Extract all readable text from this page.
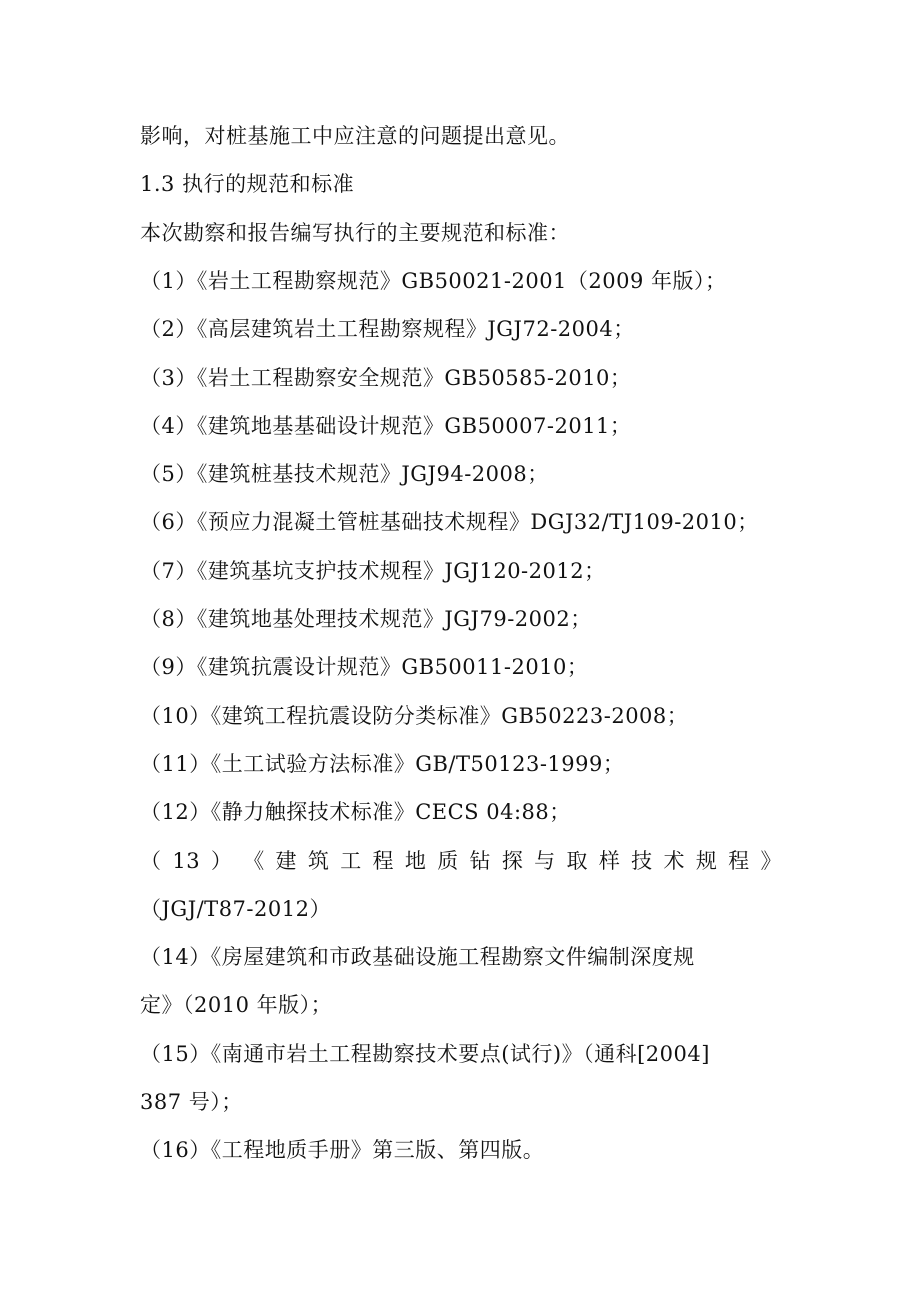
影响，对桩基施工中应注意的问题提出意见。
1.3 执行的规范和标准
本次勘察和报告编写执行的主要规范和标准：
（1）《岩土工程勘察规范》GB50021-2001（2009 年版）；
（2）《高层建筑岩土工程勘察规程》JGJ72-2004；
（3）《岩土工程勘察安全规范》GB50585-2010；
（4）《建筑地基基础设计规范》GB50007-2011；
（5）《建筑桩基技术规范》JGJ94-2008；
（6）《预应力混凝土管桩基础技术规程》DGJ32/TJ109-2010；
（7）《建筑基坑支护技术规程》JGJ120-2012；
（8）《建筑地基处理技术规范》JGJ79-2002；
（9）《建筑抗震设计规范》GB50011-2010；
（10）《建筑工程抗震设防分类标准》GB50223-2008；
（11）《土工试验方法标准》GB/T50123-1999；
（12）《静力触探技术标准》CECS 04:88；
（ 13 ） 《 建 筑 工 程 地 质 钻 探 与 取 样 技 术 规 程 》
（JGJ/T87-2012）
（14）《房屋建筑和市政基础设施工程勘察文件编制深度规
定》（2010 年版）；
（15）《南通市岩土工程勘察技术要点(试行)》（通科[2004]
387 号）；
（16）《工程地质手册》第三版、第四版。
